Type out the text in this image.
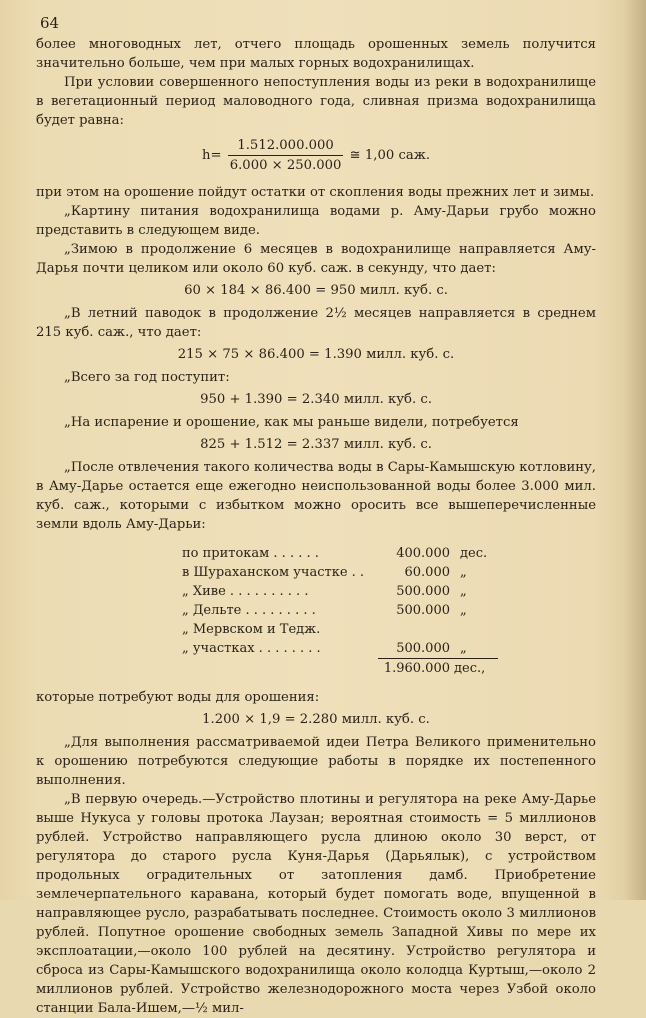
64

более многоводных лет, отчего площадь орошенных земель получится значительно больше, чем при малых горных водохранилищах.

При условии совершенного непоступления воды из реки в водохранилище в вегетационный период маловодного года, сливная призма водохранилища будет равна:

$h= \frac{1.512.000.000}{6.000 \times 250.000}$ ≅ 1,00 саж.

при этом на орошение пойдут остатки от скопления воды прежних лет и зимы.

„Картину питания водохранилища водами р. Аму-Дарьи грубо можно представить в следующем виде.

„Зимою в продолжение 6 месяцев в водохранилище направляется Аму-Дарья почти целиком или около 60 куб. саж. в секунду, что дает:

60 × 184 × 86.400 = 950 милл. куб. с.

„В летний паводок в продолжение 2½ месяцев направляется в среднем 215 куб. саж., что дает:

215 × 75 × 86.400 = 1.390 милл. куб. с.

„Всего за год поступит:

950 + 1.390 = 2.340 милл. куб. с.

„На испарение и орошение, как мы раньше видели, потребуется

825 + 1.512 = 2.337 милл. куб. с.

„После отвлечения такого количества воды в Сары-Камышскую котловину, в Аму-Дарье остается еще ежегодно неиспользованной воды более 3.000 мил. куб. саж., которыми с избытком можно оросить все вышеперечисленные земли вдоль Аму-Дарьи:

по притокам . . . . . .	400.000 дес.
в Шураханском участке . .	60.000 „
„ Хиве . . . . . . . . . .	500.000 „
„ Дельте . . . . . . . . .	500.000 „
„ Мервском и Тедж.
„ участках . . . . . . . .	500.000 „
1.960.000 дес.,

которые потребуют воды для орошения:

1.200 × 1,9 = 2.280 милл. куб. с.

„Для выполнения рассматриваемой идеи Петра Великого применительно к орошению потребуются следующие работы в порядке их постепенного выполнения.

„В первую очередь.—Устройство плотины и регулятора на реке Аму-Дарье выше Нукуса у головы протока Лаузан; вероятная стоимость = 5 миллионов рублей. Устройство направляющего русла длиною около 30 верст, от регулятора до старого русла Куня-Дарья (Дарьялык), с устройством продольных оградительных от затопления дамб. Приобретение землечерпательного каравана, который будет помогать воде, впущенной в направляющее русло, разрабатывать последнее. Стоимость около 3 миллионов рублей. Попутное орошение свободных земель Западной Хивы по мере их эксплоатации,—около 100 рублей на десятину. Устройство регулятора и сброса из Сары-Камышского водохранилища около колодца Куртыш,—около 2 миллионов рублей. Устройство железнодорожного моста через Узбой около станции Бала-Ишем,—½ мил-
